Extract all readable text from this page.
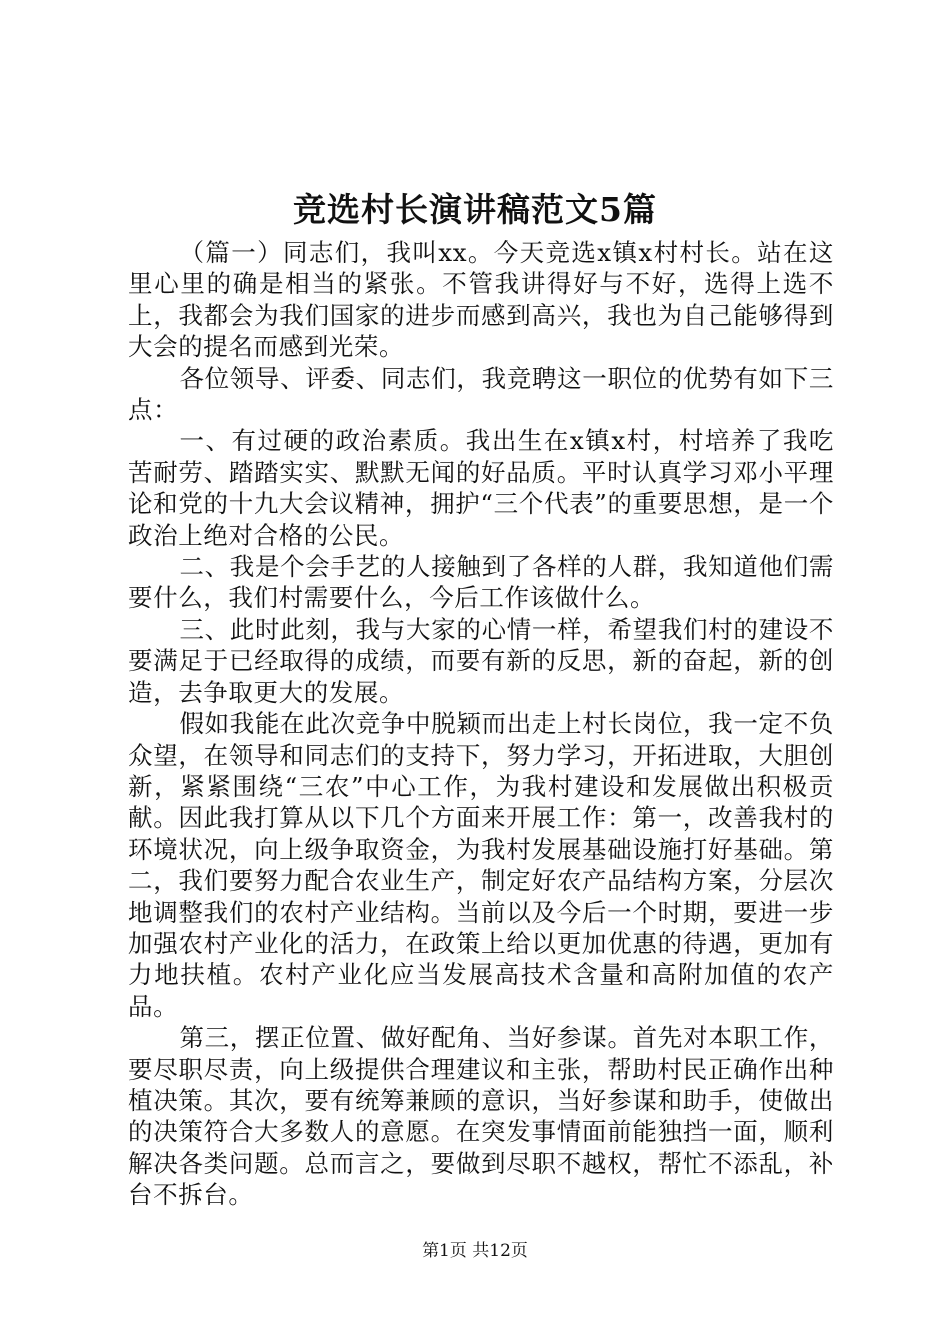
竞选村长演讲稿范文5篇

（篇一）同志们，我叫xx。今天竞选x镇x村村长。站在这里心里的确是相当的紧张。不管我讲得好与不好，选得上选不上，我都会为我们国家的进步而感到高兴，我也为自己能够得到大会的提名而感到光荣。

各位领导、评委、同志们，我竞聘这一职位的优势有如下三点：

一、有过硬的政治素质。我出生在x镇x村，村培养了我吃苦耐劳、踏踏实实、默默无闻的好品质。平时认真学习邓小平理论和党的十九大会议精神，拥护“三个代表”的重要思想，是一个政治上绝对合格的公民。

二、我是个会手艺的人接触到了各样的人群，我知道他们需要什么，我们村需要什么，今后工作该做什么。

三、此时此刻，我与大家的心情一样，希望我们村的建设不要满足于已经取得的成绩，而要有新的反思，新的奋起，新的创造，去争取更大的发展。

假如我能在此次竞争中脱颖而出走上村长岗位，我一定不负众望，在领导和同志们的支持下，努力学习，开拓进取，大胆创新，紧紧围绕“三农”中心工作，为我村建设和发展做出积极贡献。因此我打算从以下几个方面来开展工作：第一，改善我村的环境状况，向上级争取资金，为我村发展基础设施打好基础。第二，我们要努力配合农业生产，制定好农产品结构方案，分层次地调整我们的农村产业结构。当前以及今后一个时期，要进一步加强农村产业化的活力，在政策上给以更加优惠的待遇，更加有力地扶植。农村产业化应当发展高技术含量和高附加值的农产品。

第三，摆正位置、做好配角、当好参谋。首先对本职工作，要尽职尽责，向上级提供合理建议和主张，帮助村民正确作出种植决策。其次，要有统筹兼顾的意识，当好参谋和助手，使做出的决策符合大多数人的意愿。在突发事情面前能独挡一面，顺利解决各类问题。总而言之，要做到尽职不越权，帮忙不添乱，补台不拆台。

第1页 共12页
